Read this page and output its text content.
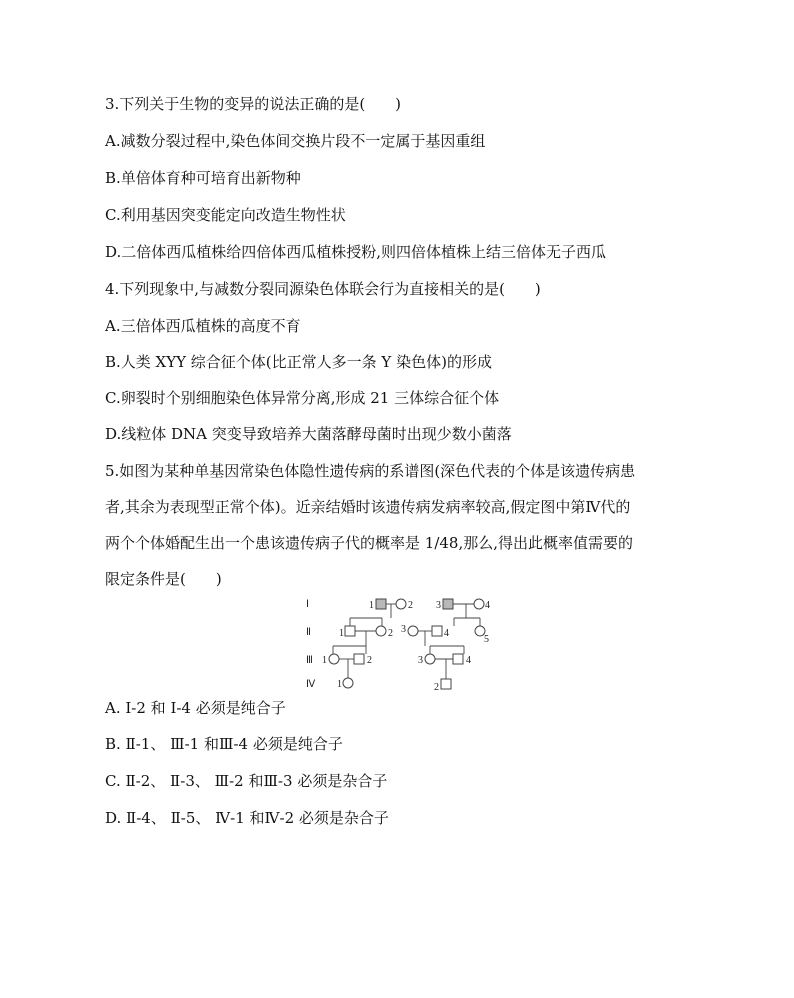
3.下列关于生物的变异的说法正确的是(　　)
A.减数分裂过程中,染色体间交换片段不一定属于基因重组
B.单倍体育种可培育出新物种
C.利用基因突变能定向改造生物性状
D.二倍体西瓜植株给四倍体西瓜植株授粉,则四倍体植株上结三倍体无子西瓜
4.下列现象中,与减数分裂同源染色体联会行为直接相关的是(　　)
A.三倍体西瓜植株的高度不育
B.人类 XYY 综合征个体(比正常人多一条 Y 染色体)的形成
C.卵裂时个别细胞染色体异常分离,形成 21 三体综合征个体
D.线粒体 DNA 突变导致培养大菌落酵母菌时出现少数小菌落
5.如图为某种单基因常染色体隐性遗传病的系谱图(深色代表的个体是该遗传病患
者,其余为表现型正常个体)。近亲结婚时该遗传病发病率较高,假定图中第Ⅳ代的
两个个体婚配生出一个患该遗传病子代的概率是 1/48,那么,得出此概率值需要的
限定条件是(　　)
Ⅰ
Ⅱ
Ⅲ
Ⅳ
1	2 3	4
1	2 3	4
5
1	2	3	4
1	2
A. Ⅰ-2 和 Ⅰ-4 必须是纯合子
B. Ⅱ-1、 Ⅲ-1 和Ⅲ-4 必须是纯合子
C. Ⅱ-2、 Ⅱ-3、 Ⅲ-2 和Ⅲ-3 必须是杂合子
D. Ⅱ-4、 Ⅱ-5、 Ⅳ-1 和Ⅳ-2 必须是杂合子
